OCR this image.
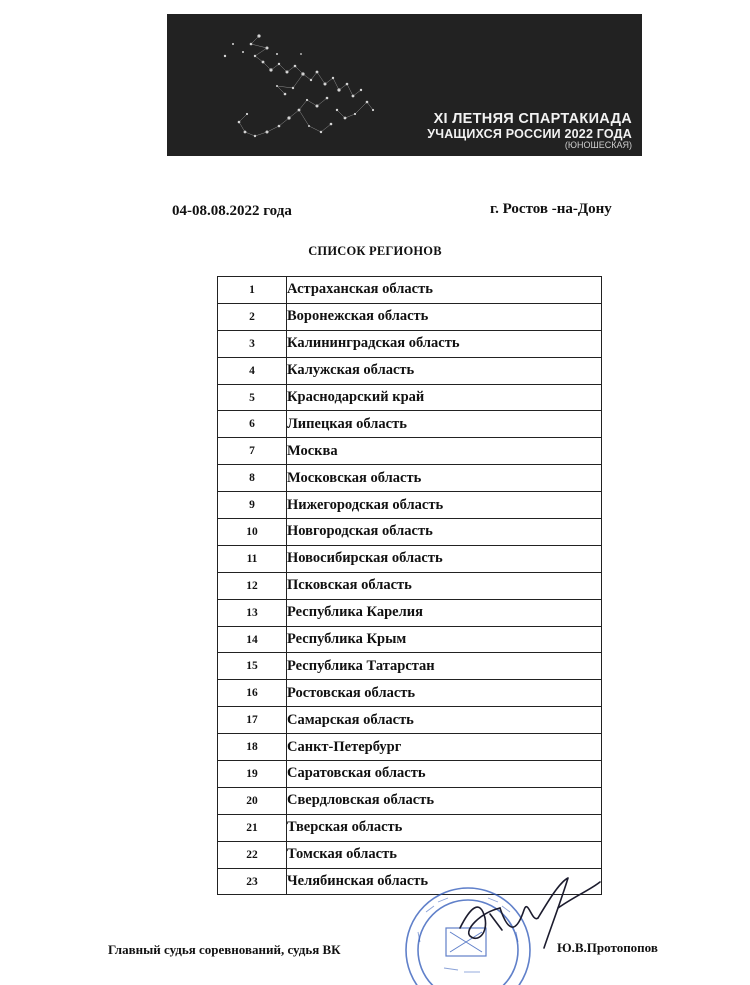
XI ЛЕТНЯЯ СПАРТАКИАДА
УЧАЩИХСЯ РОССИИ 2022 ГОДА
(ЮНОШЕСКАЯ)
04-08.08.2022 года	г. Ростов -на-Дону
СПИСОК РЕГИОНОВ
1	Астраханская область
2	Воронежская область
3	Калининградская область
4	Калужская область
5	Краснодарский край
6	Липецкая область
7	Москва
8	Московская область
9	Нижегородская область
10	Новгородская область
11	Новосибирская область
12	Псковская область
13	Республика Карелия
14	Республика Крым
15	Республика Татарстан
16	Ростовская область
17	Самарская область
18	Санкт-Петербург
19	Саратовская область
20	Свердловская область
21	Тверская область
22	Томская область
23	Челябинская область
Главный судья соревнований, судья ВК	Ю.В.Протопопов
